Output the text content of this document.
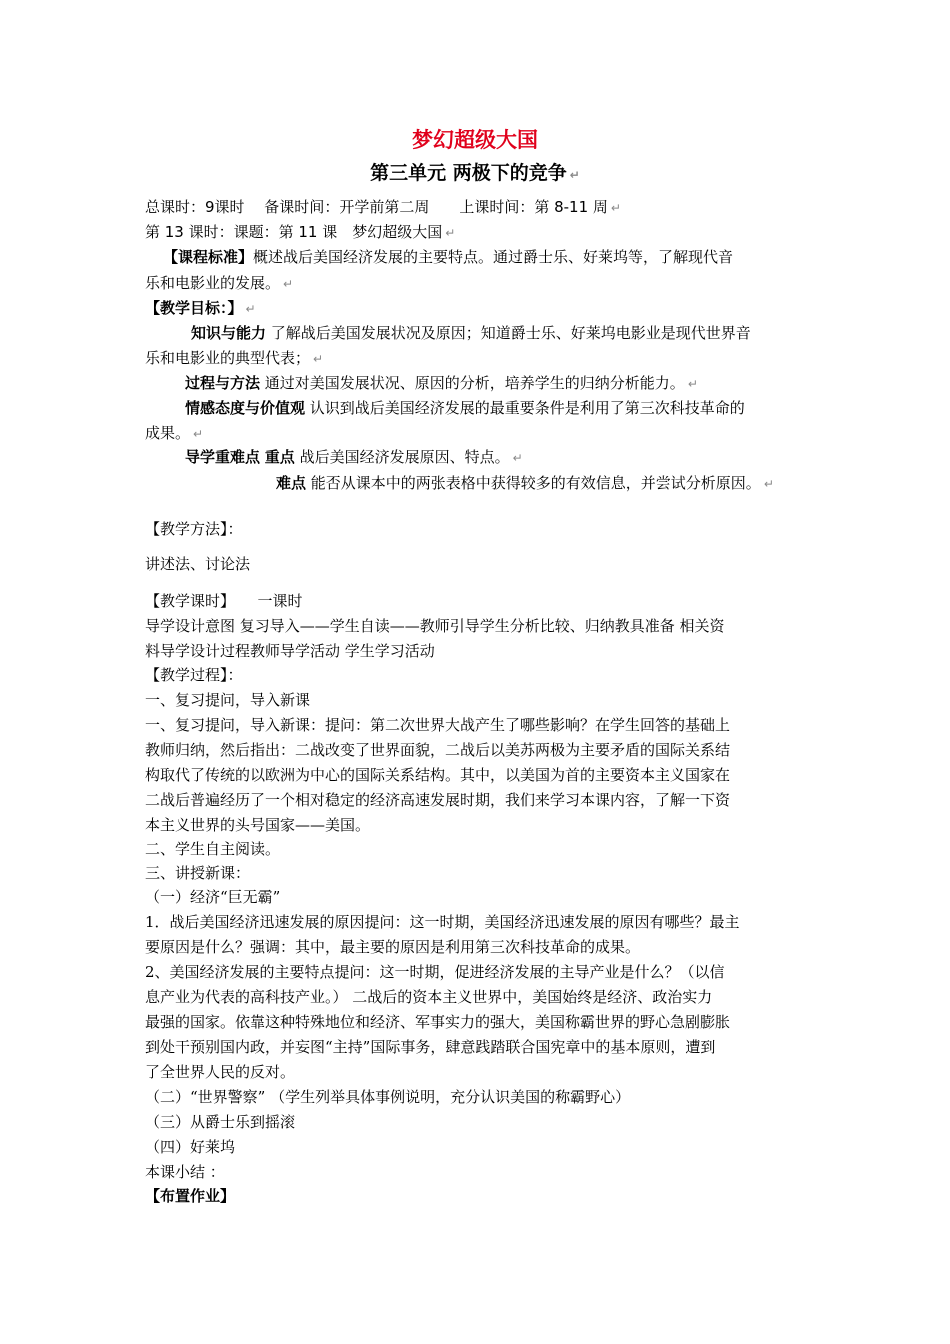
梦幻超级大国
第三单元 两极下的竞争 ↵
总课时：9课时　 备课时间：开学前第二周　　上课时间：第 8-11 周 ↵
第 13 课时：课题：第 11 课　梦幻超级大国 ↵
【课程标准】概述战后美国经济发展的主要特点。通过爵士乐、好莱坞等，了解现代音
乐和电影业的发展。 ↵
【教学目标：】 ↵
知识与能力 了解战后美国发展状况及原因；知道爵士乐、好莱坞电影业是现代世界音
乐和电影业的典型代表； ↵
过程与方法 通过对美国发展状况、原因的分析，培养学生的归纳分析能力。 ↵
情感态度与价值观 认识到战后美国经济发展的最重要条件是利用了第三次科技革命的
成果。 ↵
导学重难点 重点 战后美国经济发展原因、特点。 ↵
难点 能否从课本中的两张表格中获得较多的有效信息，并尝试分析原因。 ↵
【教学方法】：
讲述法、讨论法
【教学课时】　　 一课时
导学设计意图 复习导入——学生自读——教师引导学生分析比较、归纳教具准备 相关资
料导学设计过程教师导学活动 学生学习活动
【教学过程】：
一、复习提问，导入新课
一、复习提问，导入新课：提问：第二次世界大战产生了哪些影响？在学生回答的基础上
教师归纳，然后指出：二战改变了世界面貌，二战后以美苏两极为主要矛盾的国际关系结
构取代了传统的以欧洲为中心的国际关系结构。其中，以美国为首的主要资本主义国家在
二战后普遍经历了一个相对稳定的经济高速发展时期，我们来学习本课内容，了解一下资
本主义世界的头号国家——美国。
二、学生自主阅读。
三、讲授新课：
（一）经济“巨无霸”
1．战后美国经济迅速发展的原因提问：这一时期，美国经济迅速发展的原因有哪些？最主
要原因是什么？强调：其中，最主要的原因是利用第三次科技革命的成果。
2、美国经济发展的主要特点提问：这一时期，促进经济发展的主导产业是什么？（以信
息产业为代表的高科技产业。） 二战后的资本主义世界中，美国始终是经济、政治实力
最强的国家。依靠这种特殊地位和经济、军事实力的强大，美国称霸世界的野心急剧膨胀
到处干预别国内政，并妄图“主持”国际事务，肆意践踏联合国宪章中的基本原则，遭到
了全世界人民的反对。
（二）“世界警察” （学生列举具体事例说明，充分认识美国的称霸野心）
（三）从爵士乐到摇滚
（四）好莱坞
本课小结 ：
【布置作业】
